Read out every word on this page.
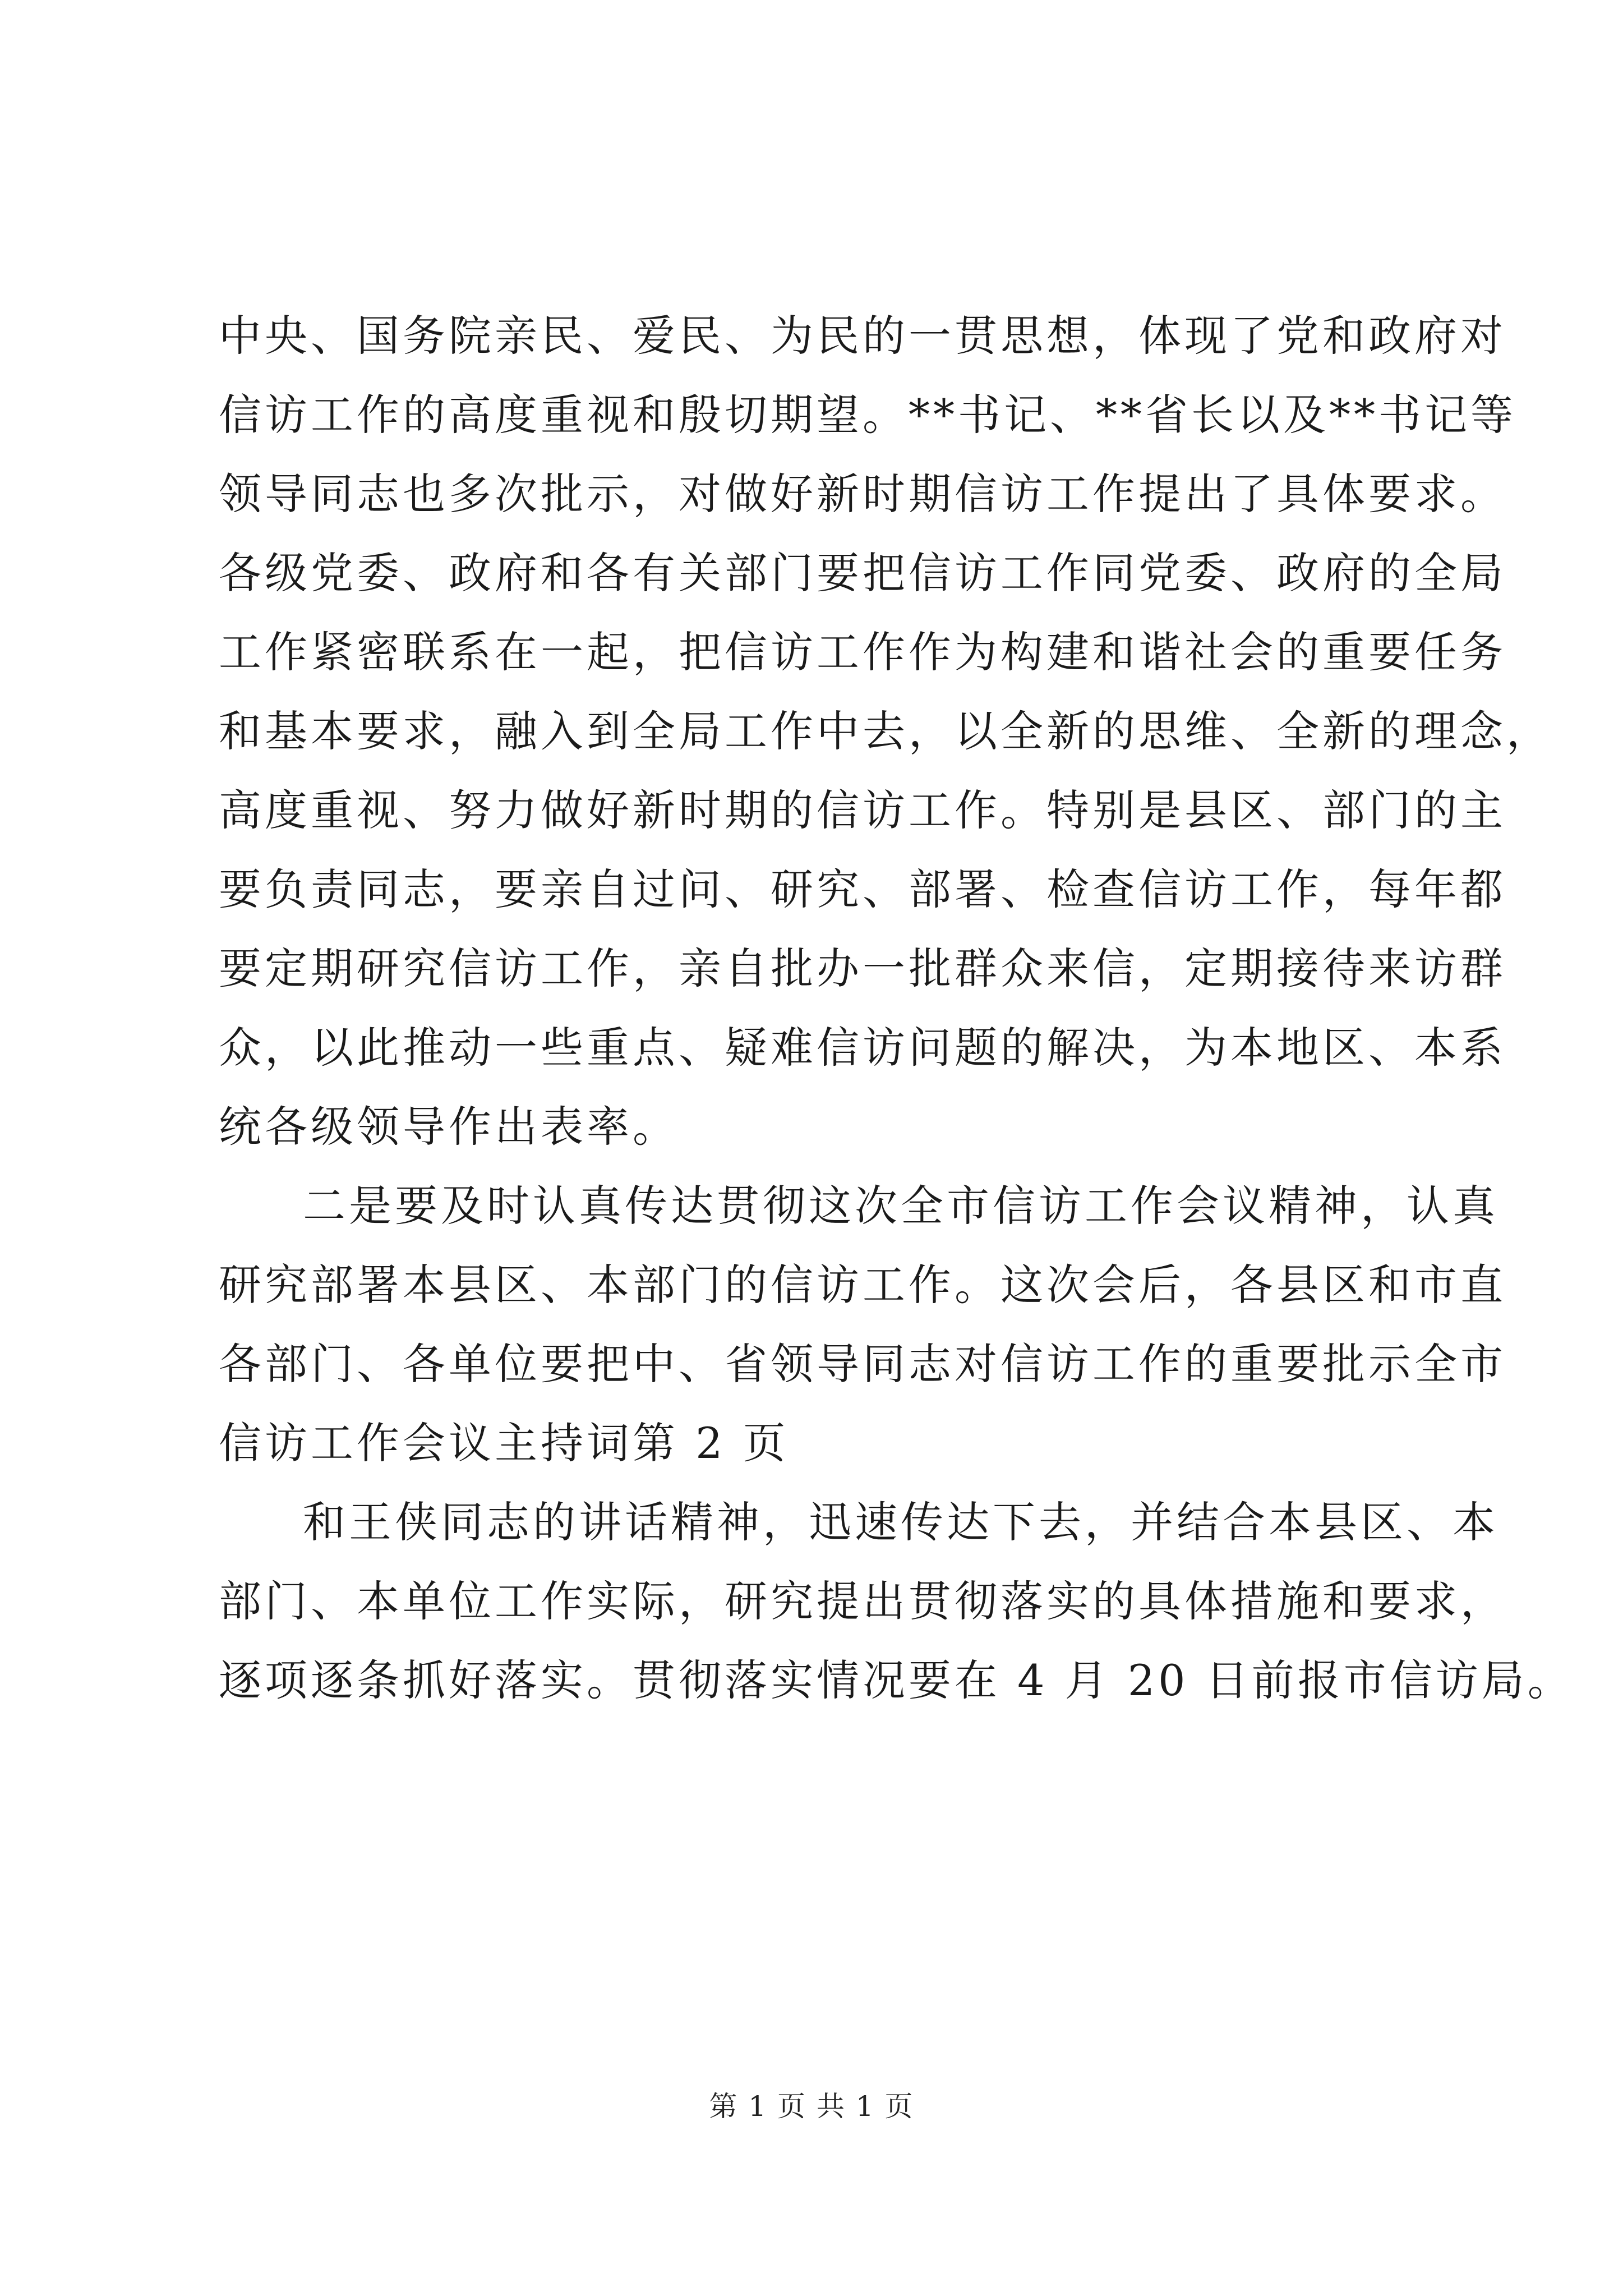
中央、国务院亲民、爱民、为民的一贯思想，体现了党和政府对
信访工作的高度重视和殷切期望。**书记、**省长以及**书记等
领导同志也多次批示，对做好新时期信访工作提出了具体要求。
各级党委、政府和各有关部门要把信访工作同党委、政府的全局
工作紧密联系在一起，把信访工作作为构建和谐社会的重要任务
和基本要求，融入到全局工作中去，以全新的思维、全新的理念，
高度重视、努力做好新时期的信访工作。特别是县区、部门的主
要负责同志，要亲自过问、研究、部署、检查信访工作，每年都
要定期研究信访工作，亲自批办一批群众来信，定期接待来访群
众，以此推动一些重点、疑难信访问题的解决，为本地区、本系
统各级领导作出表率。
二是要及时认真传达贯彻这次全市信访工作会议精神，认真
研究部署本县区、本部门的信访工作。这次会后，各县区和市直
各部门、各单位要把中、省领导同志对信访工作的重要批示全市
信访工作会议主持词第 2 页
和王侠同志的讲话精神，迅速传达下去，并结合本县区、本
部门、本单位工作实际，研究提出贯彻落实的具体措施和要求，
逐项逐条抓好落实。贯彻落实情况要在 4 月 20 日前报市信访局。
第 1 页 共 1 页
